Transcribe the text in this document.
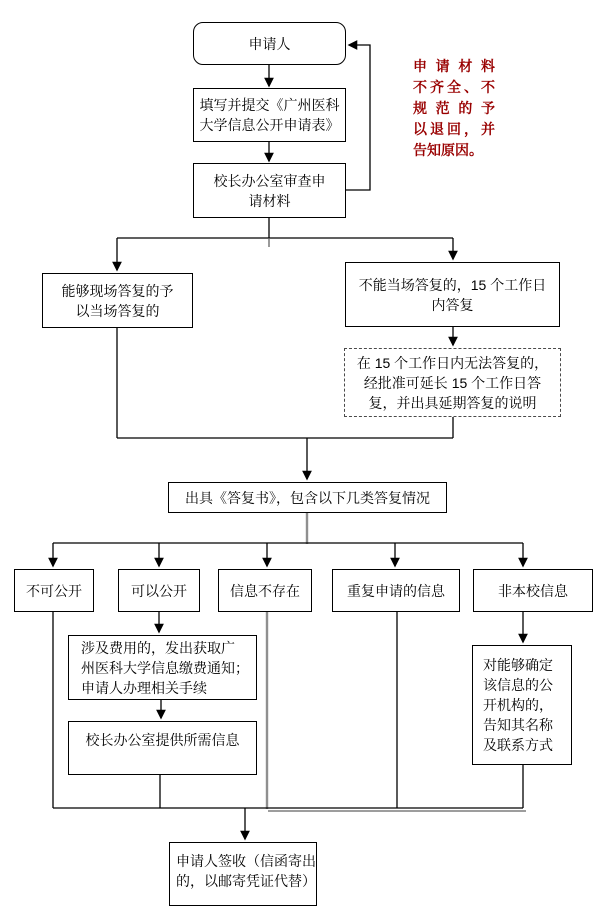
申请材料
不齐全、不
规范的予
以退回，并
告知原因。
申请人
填写并提交《广州医科
大学信息公开申请表》
校长办公室审查申
请材料
能够现场答复的予
以当场答复的
不能当场答复的，15 个工作日
内答复
在 15 个工作日内无法答复的，
经批准可延长 15 个工作日答
复，并出具延期答复的说明
出具《答复书》，包含以下几类答复情况
不可公开	可以公开	信息不存在	重复申请的信息	非本校信息
涉及费用的，发出获取广
州医科大学信息缴费通知；
申请人办理相关手续
校长办公室提供所需信息
对能够确定
该信息的公
开机构的，
告知其名称
及联系方式
申请人签收（信函寄出
的，以邮寄凭证代替）
